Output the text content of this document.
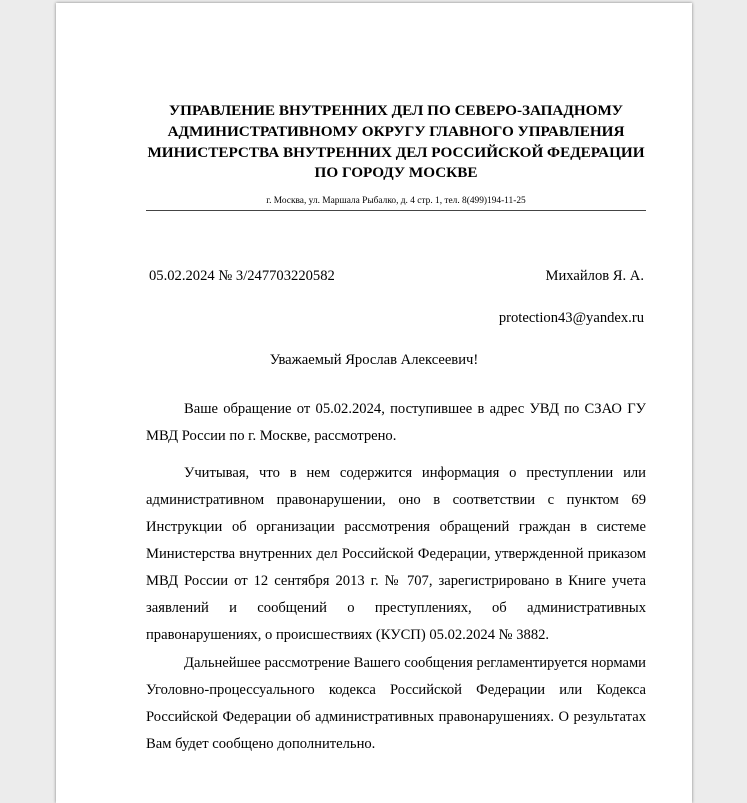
УПРАВЛЕНИЕ ВНУТРЕННИХ ДЕЛ ПО СЕВЕРО-ЗАПАДНОМУ АДМИНИСТРАТИВНОМУ ОКРУГУ ГЛАВНОГО УПРАВЛЕНИЯ МИНИСТЕРСТВА ВНУТРЕННИХ ДЕЛ РОССИЙСКОЙ ФЕДЕРАЦИИ ПО ГОРОДУ МОСКВЕ
г. Москва, ул. Маршала Рыбалко, д. 4 стр. 1, тел. 8(499)194-11-25
05.02.2024 № 3/247703220582	Михайлов Я. А.
protection43@yandex.ru
Уважаемый Ярослав Алексеевич!
Ваше обращение от 05.02.2024, поступившее в адрес УВД по СЗАО ГУ МВД России по г. Москве, рассмотрено.
Учитывая, что в нем содержится информация о преступлении или административном правонарушении, оно в соответствии с пунктом 69 Инструкции об организации рассмотрения обращений граждан в системе Министерства внутренних дел Российской Федерации, утвержденной приказом МВД России от 12 сентября 2013 г. № 707, зарегистрировано в Книге учета заявлений и сообщений о преступлениях, об административных правонарушениях, о происшествиях (КУСП) 05.02.2024 № 3882.
Дальнейшее рассмотрение Вашего сообщения регламентируется нормами Уголовно-процессуального кодекса Российской Федерации или Кодекса Российской Федерации об административных правонарушениях. О результатах Вам будет сообщено дополнительно.
